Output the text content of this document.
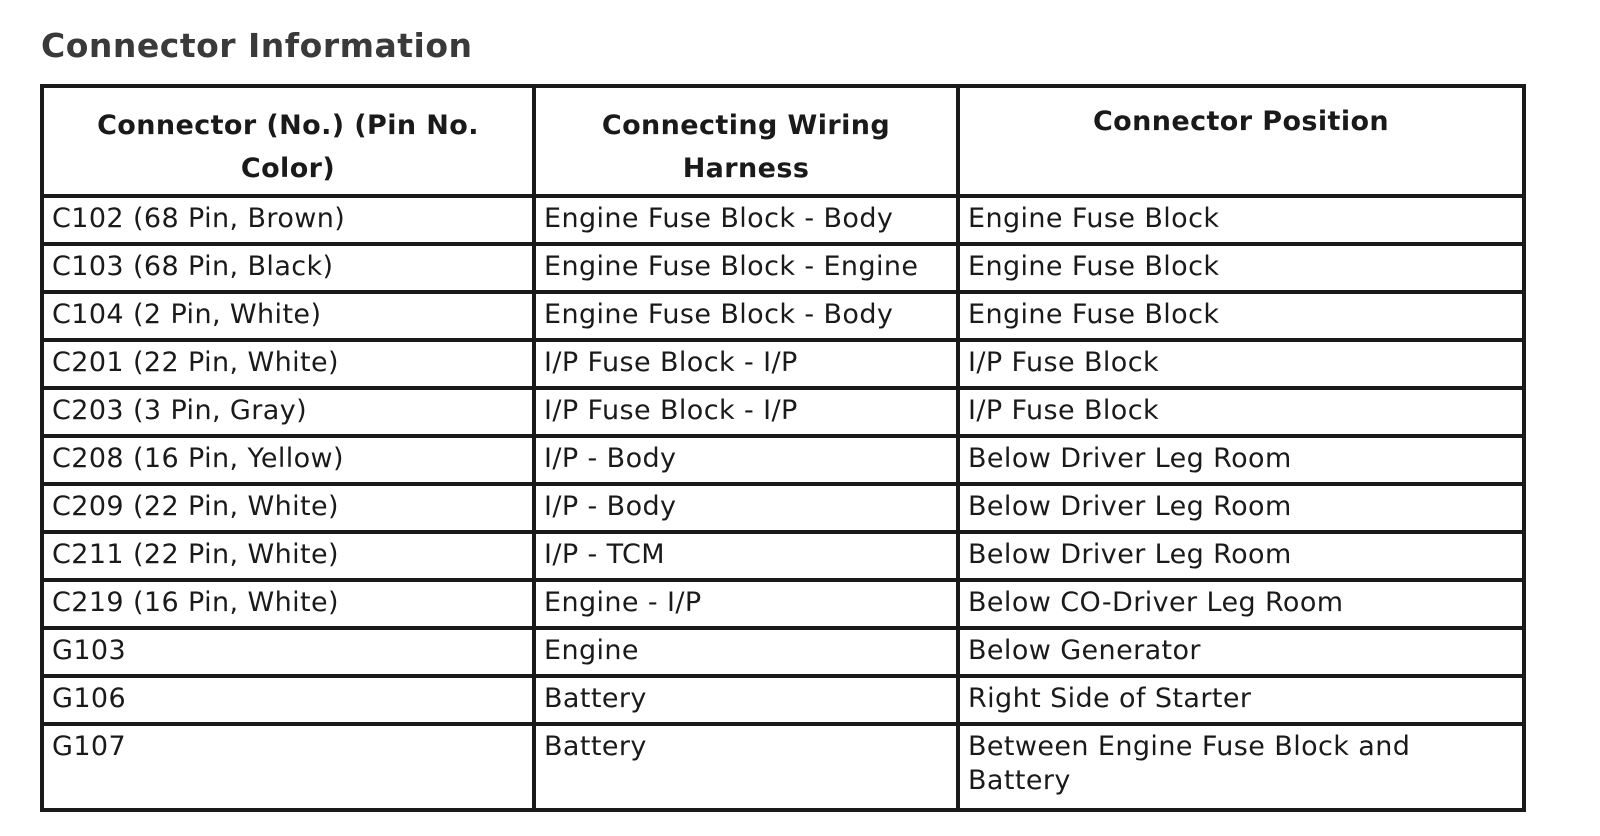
Connector Information
Connector (No.) (Pin No. Color)	Connecting Wiring Harness	Connector Position
C102 (68 Pin, Brown)	Engine Fuse Block - Body	Engine Fuse Block
C103 (68 Pin, Black)	Engine Fuse Block - Engine	Engine Fuse Block
C104 (2 Pin, White)	Engine Fuse Block - Body	Engine Fuse Block
C201 (22 Pin, White)	I/P Fuse Block - I/P	I/P Fuse Block
C203 (3 Pin, Gray)	I/P Fuse Block - I/P	I/P Fuse Block
C208 (16 Pin, Yellow)	I/P - Body	Below Driver Leg Room
C209 (22 Pin, White)	I/P - Body	Below Driver Leg Room
C211 (22 Pin, White)	I/P - TCM	Below Driver Leg Room
C219 (16 Pin, White)	Engine - I/P	Below CO-Driver Leg Room
G103	Engine	Below Generator
G106	Battery	Right Side of Starter
G107	Battery	Between Engine Fuse Block and Battery
